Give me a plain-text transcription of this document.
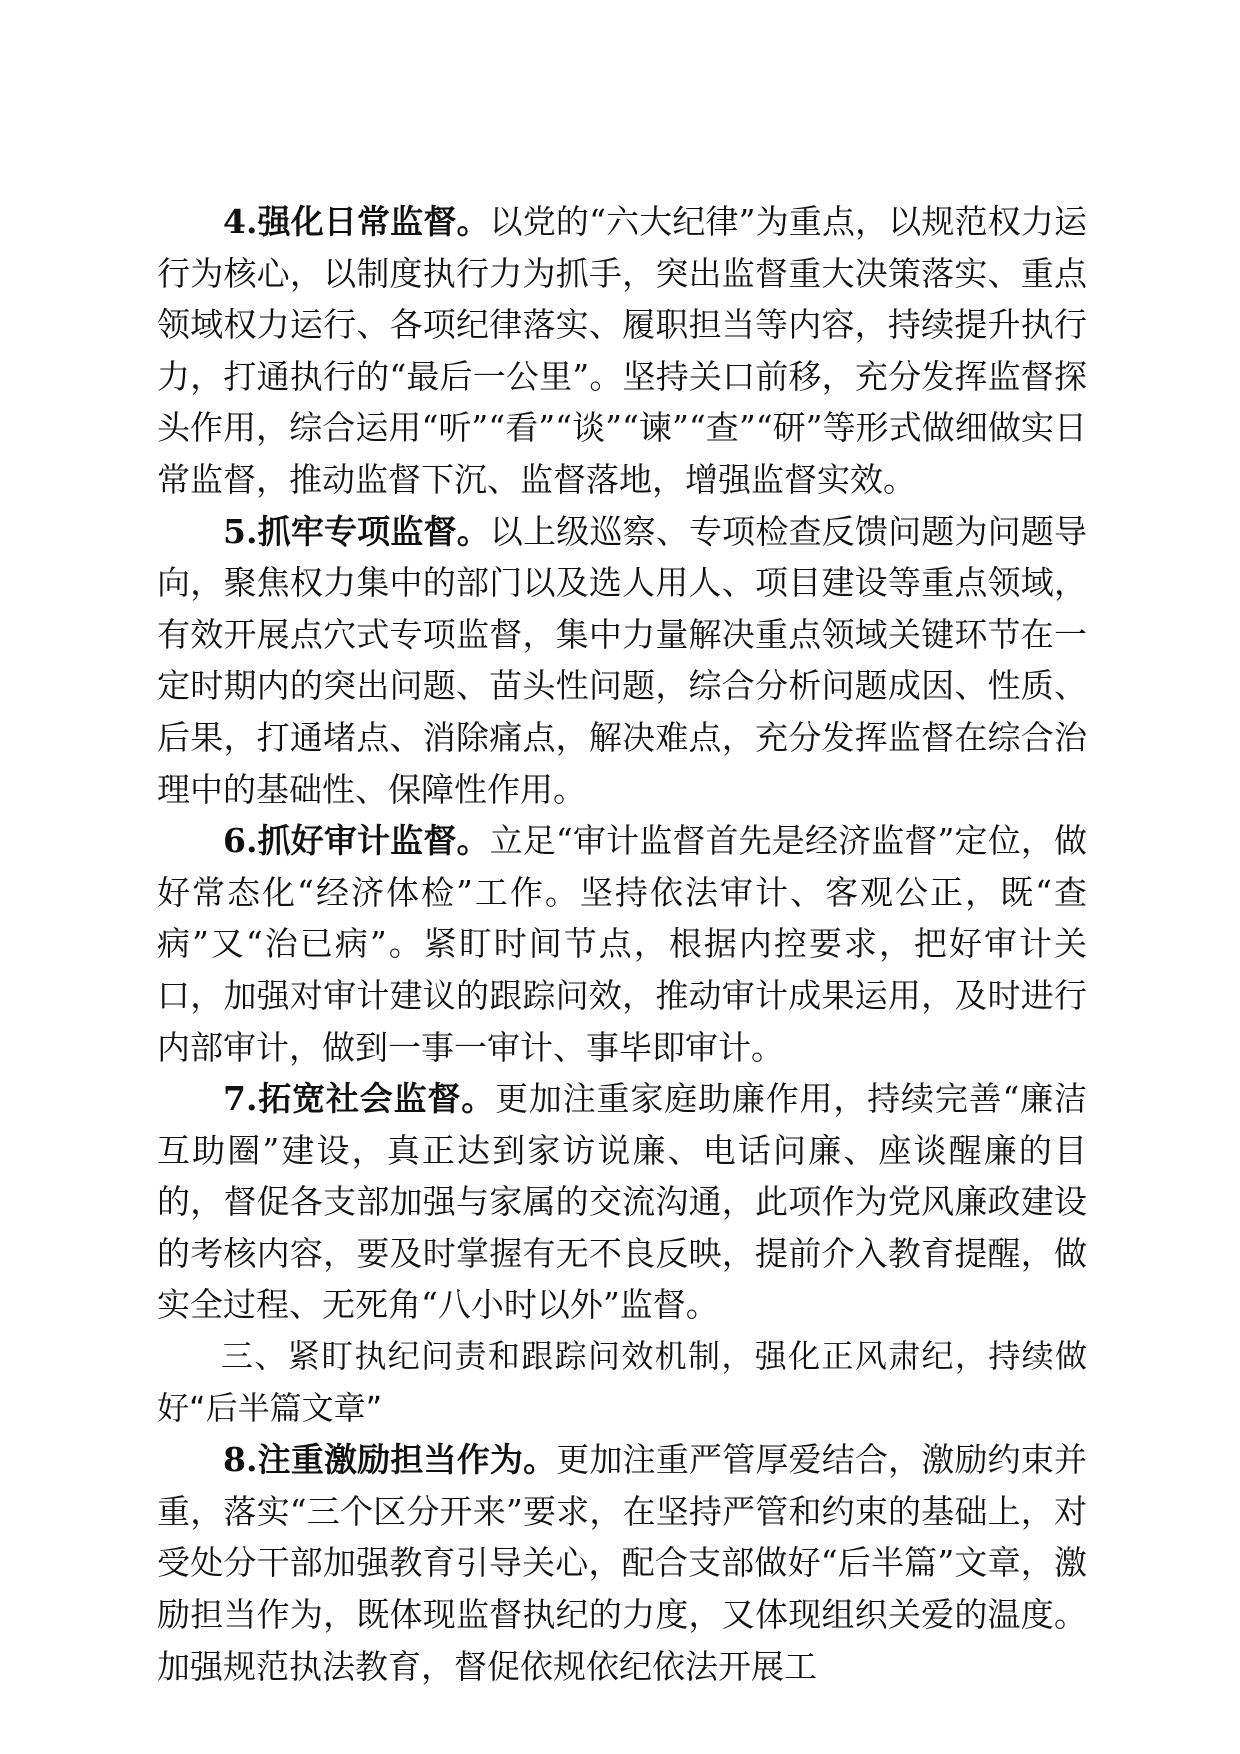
4.强化日常监督。以党的“六大纪律”为重点，以规范权力运行为核心，以制度执行力为抓手，突出监督重大决策落实、重点领域权力运行、各项纪律落实、履职担当等内容，持续提升执行力，打通执行的“最后一公里”。坚持关口前移，充分发挥监督探头作用，综合运用“听”“看”“谈”“谏”“查”“研”等形式做细做实日常监督，推动监督下沉、监督落地，增强监督实效。

5.抓牢专项监督。以上级巡察、专项检查反馈问题为问题导向，聚焦权力集中的部门以及选人用人、项目建设等重点领域，有效开展点穴式专项监督，集中力量解决重点领域关键环节在一定时期内的突出问题、苗头性问题，综合分析问题成因、性质、后果，打通堵点、消除痛点，解决难点，充分发挥监督在综合治理中的基础性、保障性作用。

6.抓好审计监督。立足“审计监督首先是经济监督”定位，做好常态化“经济体检”工作。坚持依法审计、客观公正，既“查病”又“治已病”。紧盯时间节点，根据内控要求，把好审计关口，加强对审计建议的跟踪问效，推动审计成果运用，及时进行内部审计，做到一事一审计、事毕即审计。

7.拓宽社会监督。更加注重家庭助廉作用，持续完善“廉洁互助圈”建设，真正达到家访说廉、电话问廉、座谈醒廉的目的，督促各支部加强与家属的交流沟通，此项作为党风廉政建设的考核内容，要及时掌握有无不良反映，提前介入教育提醒，做实全过程、无死角“八小时以外”监督。

三、紧盯执纪问责和跟踪问效机制，强化正风肃纪，持续做好“后半篇文章”

8.注重激励担当作为。更加注重严管厚爱结合，激励约束并重，落实“三个区分开来”要求，在坚持严管和约束的基础上，对受处分干部加强教育引导关心，配合支部做好“后半篇”文章，激励担当作为，既体现监督执纪的力度，又体现组织关爱的温度。加强规范执法教育，督促依规依纪依法开展工
